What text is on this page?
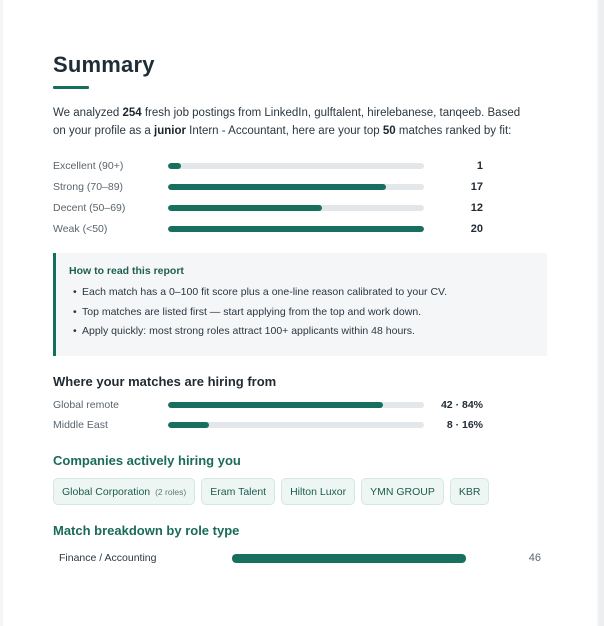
Summary

We analyzed 254 fresh job postings from LinkedIn, gulftalent, hirelebanese, tanqeeb. Based on your profile as a junior Intern - Accountant, here are your top 50 matches ranked by fit:

Excellent (90+)	1
Strong (70–89)	17
Decent (50–69)	12
Weak (<50)	20
How to read this report
• Each match has a 0–100 fit score plus a one-line reason calibrated to your CV.
• Top matches are listed first — start applying from the top and work down.
• Apply quickly: most strong roles attract 100+ applicants within 48 hours.
Where your matches are hiring from
Global remote	42 · 84%
Middle East	8 · 16%
Companies actively hiring you
Global Corporation (2 roles)	Eram Talent	Hilton Luxor	YMN GROUP	KBR
Match breakdown by role type
Finance / Accounting	46
